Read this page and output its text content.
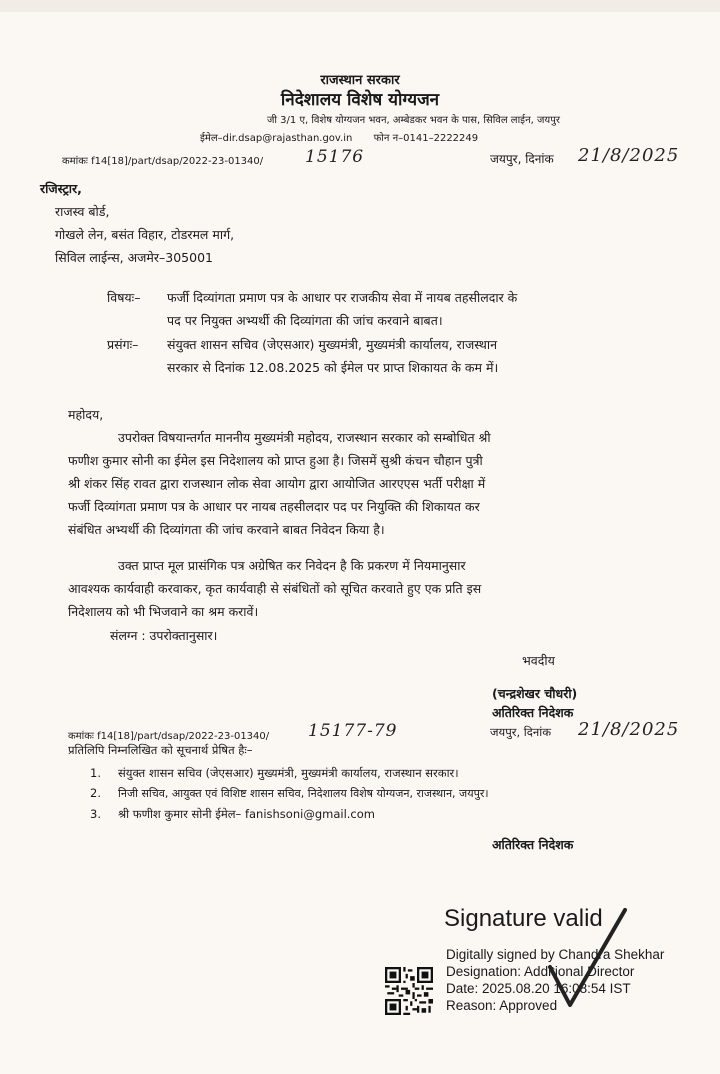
राजस्थान सरकार
निदेशालय विशेष योग्यजन
जी 3/1 ए, विशेष योग्यजन भवन, अम्बेडकर भवन के पास, सिविल लाईन, जयपुर
ईमेल–dir.dsap@rajasthan.gov.in फोन न–0141–2222249
कमांकः f14[18]/part/dsap/2022-23-01340/ 15176	जयपुर, दिनांक 21/8/2025
रजिस्ट्रार,
राजस्व बोर्ड,
गोखले लेन, बसंत विहार, टोडरमल मार्ग,
सिविल लाईन्स, अजमेर–305001
विषयः– फर्जी दिव्यांगता प्रमाण पत्र के आधार पर राजकीय सेवा में नायब तहसीलदार के
पद पर नियुक्त अभ्यर्थी की दिव्यांगता की जांच करवाने बाबत।
प्रसंगः– संयुक्त शासन सचिव (जेएसआर) मुख्यमंत्री, मुख्यमंत्री कार्यालय, राजस्थान
सरकार से दिनांक 12.08.2025 को ईमेल पर प्राप्त शिकायत के कम में।
महोदय,
उपरोक्त विषयान्तर्गत माननीय मुख्यमंत्री महोदय, राजस्थान सरकार को सम्बोधित श्री
फणीश कुमार सोनी का ईमेल इस निदेशालय को प्राप्त हुआ है। जिसमें सुश्री कंचन चौहान पुत्री
श्री शंकर सिंह रावत द्वारा राजस्थान लोक सेवा आयोग द्वारा आयोजित आरएएस भर्ती परीक्षा में
फर्जी दिव्यांगता प्रमाण पत्र के आधार पर नायब तहसीलदार पद पर नियुक्ति की शिकायत कर
संबंधित अभ्यर्थी की दिव्यांगता की जांच करवाने बाबत निवेदन किया है।
उक्त प्राप्त मूल प्रासंगिक पत्र अग्रेषित कर निवेदन है कि प्रकरण में नियमानुसार
आवश्यक कार्यवाही करवाकर, कृत कार्यवाही से संबंधितों को सूचित करवाते हुए एक प्रति इस
निदेशालय को भी भिजवाने का श्रम करावें।
संलग्न : उपरोक्तानुसार।
भवदीय
(चन्द्रशेखर चौधरी)
अतिरिक्त निदेशक
कमांकः f14[18]/part/dsap/2022-23-01340/ 15177-79	जयपुर, दिनांक 21/8/2025
प्रतिलिपि निम्नलिखित को सूचनार्थ प्रेषित हैः–
1. संयुक्त शासन सचिव (जेएसआर) मुख्यमंत्री, मुख्यमंत्री कार्यालय, राजस्थान सरकार।
2. निजी सचिव, आयुक्त एवं विशिष्ट शासन सचिव, निदेशालय विशेष योग्यजन, राजस्थान, जयपुर।
3. श्री फणीश कुमार सोनी ईमेल– fanishsoni@gmail.com
अतिरिक्त निदेशक
Signature valid
Digitally signed by Chandra Shekhar
Designation: Additional Director
Date: 2025.08.20 16:08:54 IST
Reason: Approved
